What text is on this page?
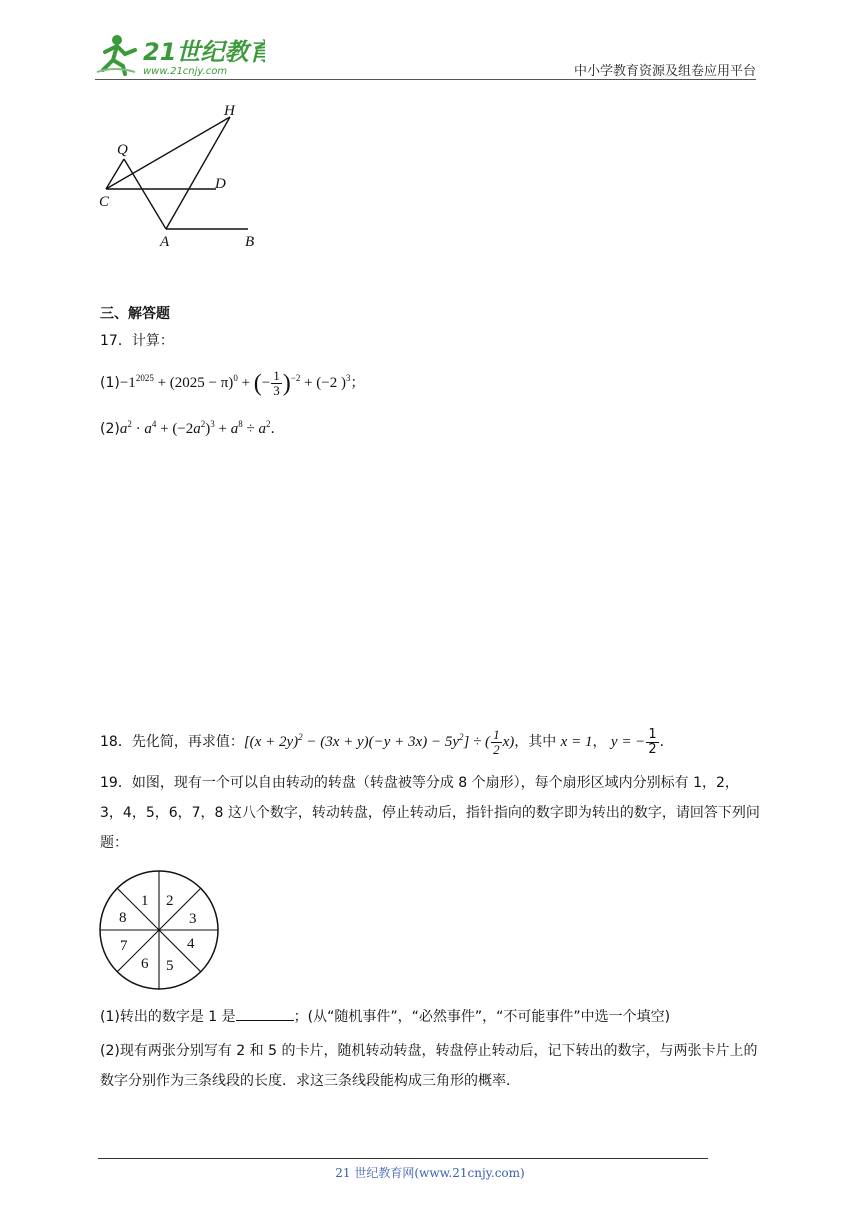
21世纪教育
www.21cnjy.com	中小学教育资源及组卷应用平台
H
Q
C
D
A	B
三、解答题
17．计算：
$(1)-1^{2025} + (2025 - \pi)^0$ + (− $\frac{1}{3} )^{-2} + (-2$ )$^3$；
$(2)a^2 \cdot a^4 + (-2a^2)^3 + a^8 \div a^2$．
18．先化简，再求值：$[(x + 2y)^2 - (3x + y)(-y + 3x) - 5y^2]$ ÷ ( $\frac{1}{2} x$)，其中 x = 1， y = − $\frac{1}{2}$ ．
19．如图，现有一个可以自由转动的转盘（转盘被等分成 8 个扇形），每个扇形区域内分别标有 1，2，3，4，5，6，7，8 这八个数字，转动转盘，停止转动后，指针指向的数字即为转出的数字，请回答下列问题：
1 2
3
4
5
6
7
8
(1)转出的数字是 1 是	；(从“随机事件”，“必然事件”，“不可能事件”中选一个填空)
(2)现有两张分别写有 2 和 5 的卡片，随机转动转盘，转盘停止转动后，记下转出的数字，与两张卡片上的数字分别作为三条线段的长度．求这三条线段能构成三角形的概率．
21 世纪教育网(www.21cnjy.com)
